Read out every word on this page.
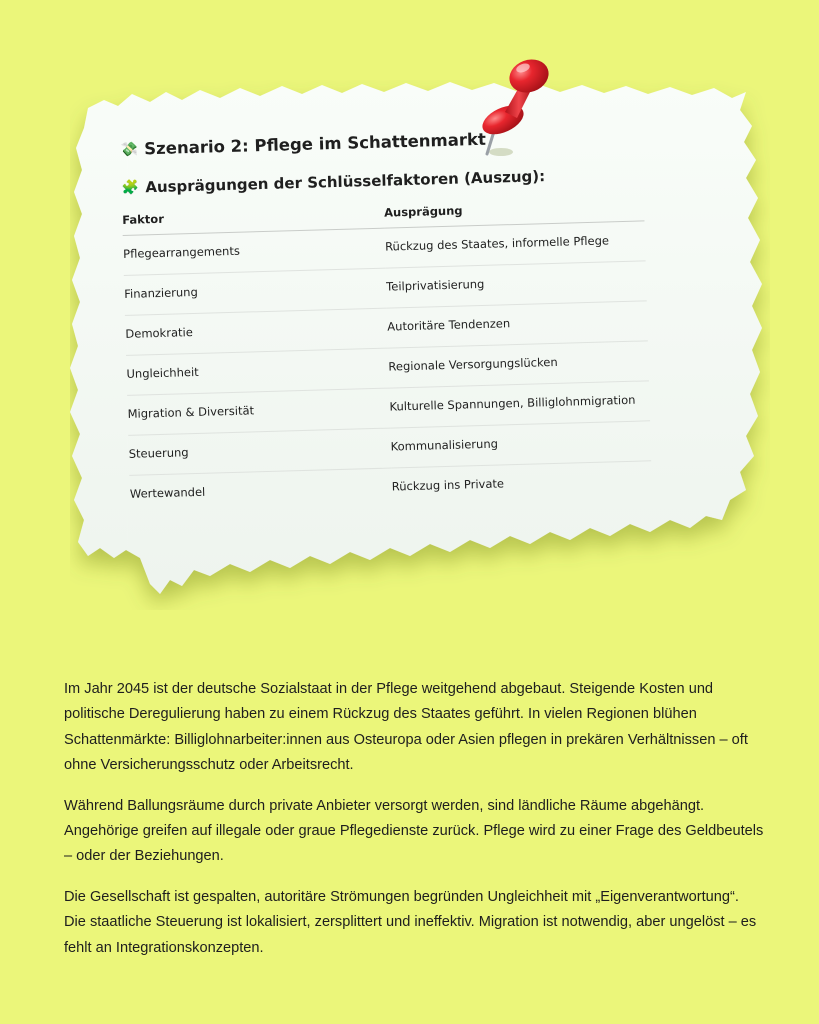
💸 Szenario 2: Pflege im Schattenmarkt
🧩 Ausprägungen der Schlüsselfaktoren (Auszug):
Faktor	Ausprägung
Pflegearrangements	Rückzug des Staates, informelle Pflege
Finanzierung	Teilprivatisierung
Demokratie	Autoritäre Tendenzen
Ungleichheit	Regionale Versorgungslücken
Migration & Diversität	Kulturelle Spannungen, Billiglohnmigration
Steuerung	Kommunalisierung
Wertewandel	Rückzug ins Private

Im Jahr 2045 ist der deutsche Sozialstaat in der Pflege weitgehend abgebaut. Steigende Kosten und politische Deregulierung haben zu einem Rückzug des Staates geführt. In vielen Regionen blühen Schattenmärkte: Billiglohnarbeiter:innen aus Osteuropa oder Asien pflegen in prekären Verhältnissen – oft ohne Versicherungsschutz oder Arbeitsrecht.

Während Ballungsräume durch private Anbieter versorgt werden, sind ländliche Räume abgehängt. Angehörige greifen auf illegale oder graue Pflegedienste zurück. Pflege wird zu einer Frage des Geldbeutels – oder der Beziehungen.

Die Gesellschaft ist gespalten, autoritäre Strömungen begründen Ungleichheit mit „Eigenverantwortung“. Die staatliche Steuerung ist lokalisiert, zersplittert und ineffektiv. Migration ist notwendig, aber ungelöst – es fehlt an Integrationskonzepten.
